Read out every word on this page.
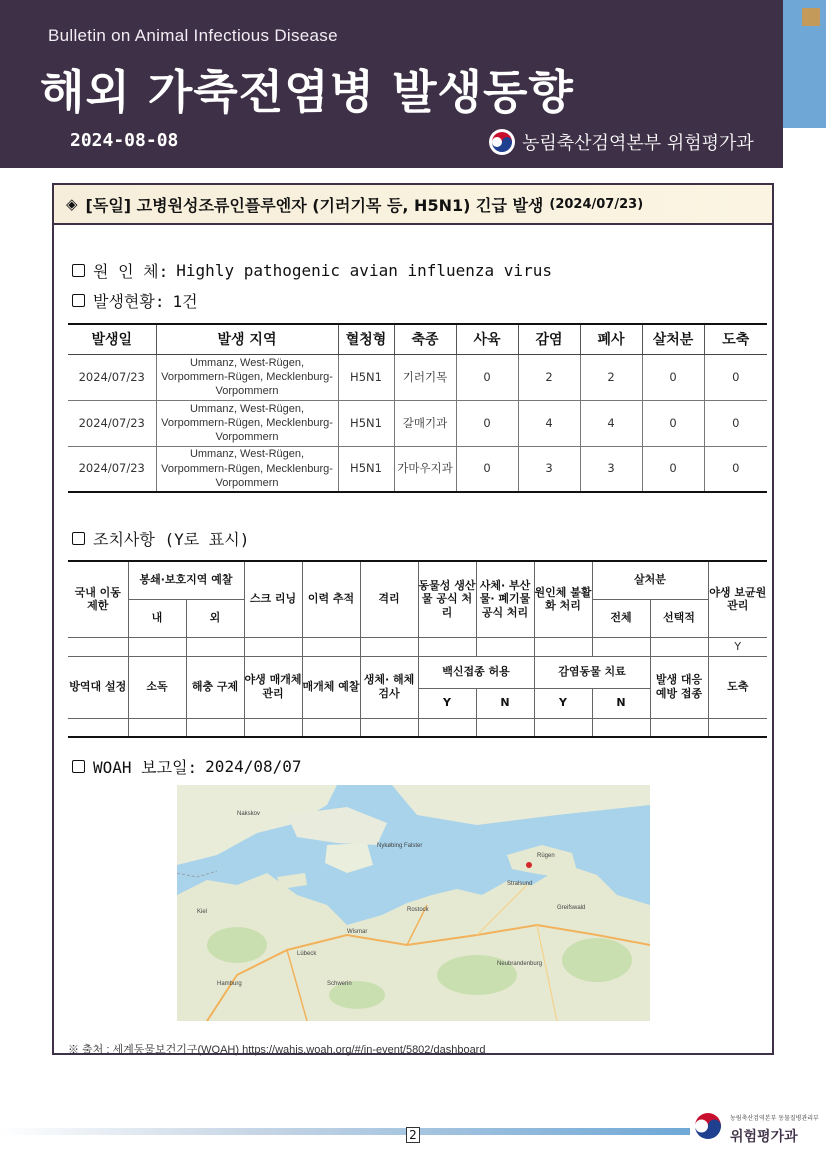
Bulletin on Animal Infectious Disease
해외 가축전염병 발생동향
2024-08-08	농림축산검역본부 위험평가과
◈ [독일] 고병원성조류인플루엔자 (기러기목 등, H5N1) 긴급 발생 (2024/07/23)
원 인 체: Highly pathogenic avian influenza virus
발생현황: 1건
발생일	발생 지역	혈청형	축종	사육	감염	폐사	살처분	도축
2024/07/23	Ummanz, West-Rügen, Vorpommern-Rügen, Mecklenburg-Vorpommern	H5N1	기러기목	0	2	2	0	0
2024/07/23	Ummanz, West-Rügen, Vorpommern-Rügen, Mecklenburg-Vorpommern	H5N1	갈매기과	0	4	4	0	0
2024/07/23	Ummanz, West-Rügen, Vorpommern-Rügen, Mecklenburg-Vorpommern	H5N1	가마우지과	0	3	3	0	0
조치사항 (Y로 표시)
국내 이동 제한	봉쇄·보호지역 예찰		스크 리닝	이력 추적	격리	동물성 생산물 공식 처리	사체· 부산물· 폐기물 공식 처리	원인체 불활화 처리	살처분		야생 보균원 관리
	내	외							전체	선택적	
											Y
방역대 설정	소독	해충 구제	야생 매개체 관리	매개체 예찰	생체· 해체 검사	백신접종 허용		감염동물 치료		발생 대응 예방 접종	도축
						Y	N	Y	N		

WOAH 보고일: 2024/08/07
Kiel
Lübeck
Hamburg
Rostock
Stralsund
Greifswald
Schwerin
Neubrandenburg
Wismar
Nakskov
Nykøbing Falster
Rügen
※ 출처 : 세계동물보건기구(WOAH) https://wahis.woah.org/#/in-event/5802/dashboard
2
농림축산검역본부 동물질병관리부
위험평가과
